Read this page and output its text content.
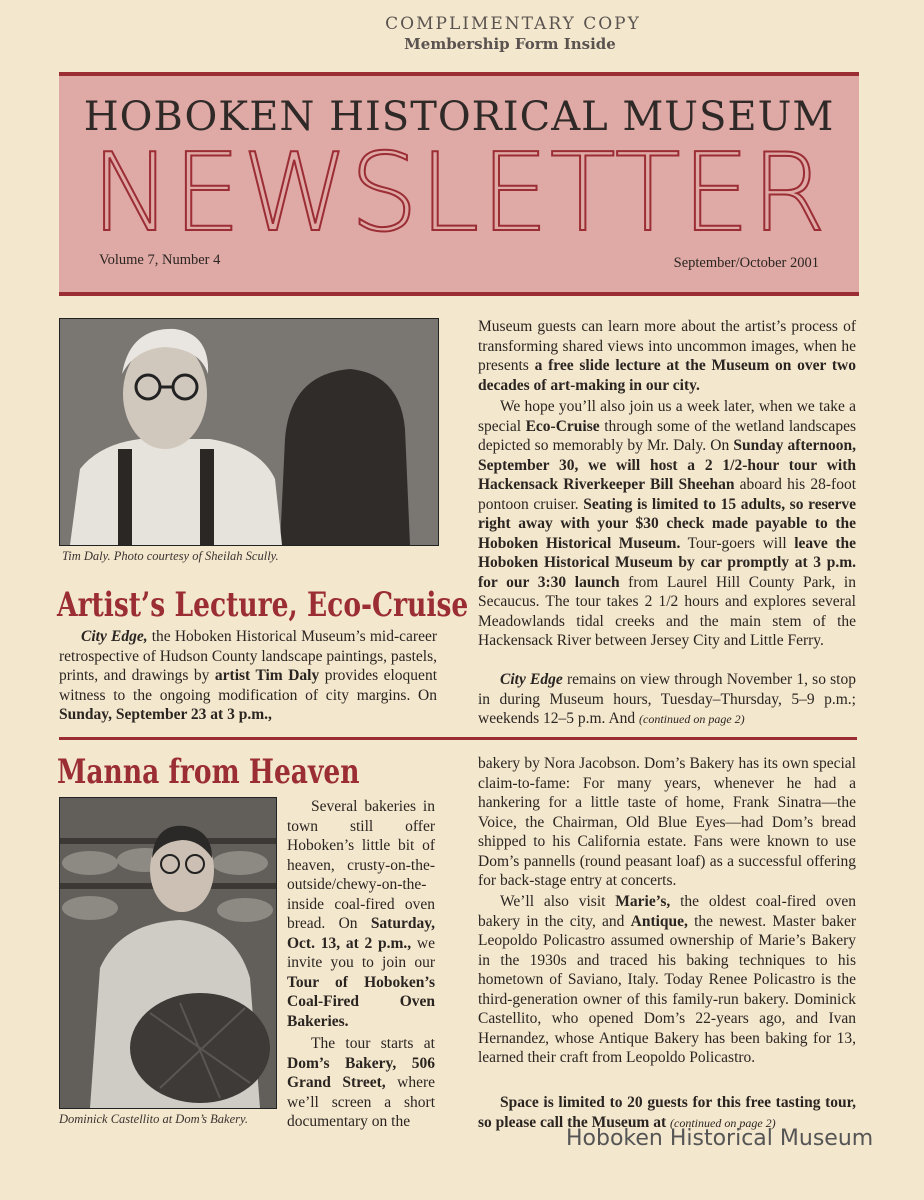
COMPLIMENTARY COPY
Membership Form Inside
HOBOKEN HISTORICAL MUSEUM
NEWSLETTER
Volume 7, Number 4	September/October 2001
Tim Daly. Photo courtesy of Sheilah Scully.
Artist’s Lecture, Eco-Cruise

City Edge, the Hoboken Historical Museum’s mid-career retrospective of Hudson County landscape paintings, pastels, prints, and drawings by artist Tim Daly provides eloquent witness to the ongoing modification of city margins. On Sunday, September 23 at 3 p.m.,

Museum guests can learn more about the artist’s process of transforming shared views into uncommon images, when he presents a free slide lecture at the Museum on over two decades of art-making in our city.

We hope you’ll also join us a week later, when we take a special Eco-Cruise through some of the wetland landscapes depicted so memorably by Mr. Daly. On Sunday afternoon, September 30, we will host a 2 1/2-hour tour with Hackensack Riverkeeper Bill Sheehan aboard his 28-foot pontoon cruiser. Seating is limited to 15 adults, so reserve right away with your $30 check made payable to the Hoboken Historical Museum. Tour-goers will leave the Hoboken Historical Museum by car promptly at 3 p.m. for our 3:30 launch from Laurel Hill County Park, in Secaucus. The tour takes 2 1/2 hours and explores several Meadowlands tidal creeks and the main stem of the Hackensack River between Jersey City and Little Ferry.

City Edge remains on view through November 1, so stop in during Museum hours, Tuesday–Thursday, 5–9 p.m.; weekends 12–5 p.m. And (continued on page 2)

Manna from Heaven
Dominick Castellito at Dom’s Bakery.

Several bakeries in town still offer Hoboken’s little bit of heaven, crusty-on-the-outside/chewy-on-the-inside coal-fired oven bread. On Saturday, Oct. 13, at 2 p.m., we invite you to join our Tour of Hoboken’s Coal-Fired Oven Bakeries.

The tour starts at Dom’s Bakery, 506 Grand Street, where we’ll screen a short documentary on the

bakery by Nora Jacobson. Dom’s Bakery has its own special claim-to-fame: For many years, whenever he had a hankering for a little taste of home, Frank Sinatra—the Voice, the Chairman, Old Blue Eyes—had Dom’s bread shipped to his California estate. Fans were known to use Dom’s pannells (round peasant loaf) as a successful offering for back-stage entry at concerts.

We’ll also visit Marie’s, the oldest coal-fired oven bakery in the city, and Antique, the newest. Master baker Leopoldo Policastro assumed ownership of Marie’s Bakery in the 1930s and traced his baking techniques to his hometown of Saviano, Italy. Today Renee Policastro is the third-generation owner of this family-run bakery. Dominick Castellito, who opened Dom’s 22-years ago, and Ivan Hernandez, whose Antique Bakery has been baking for 13, learned their craft from Leopoldo Policastro.

Space is limited to 20 guests for this free tasting tour, so please call the Museum at (continued on page 2)

Hoboken Historical Museum
